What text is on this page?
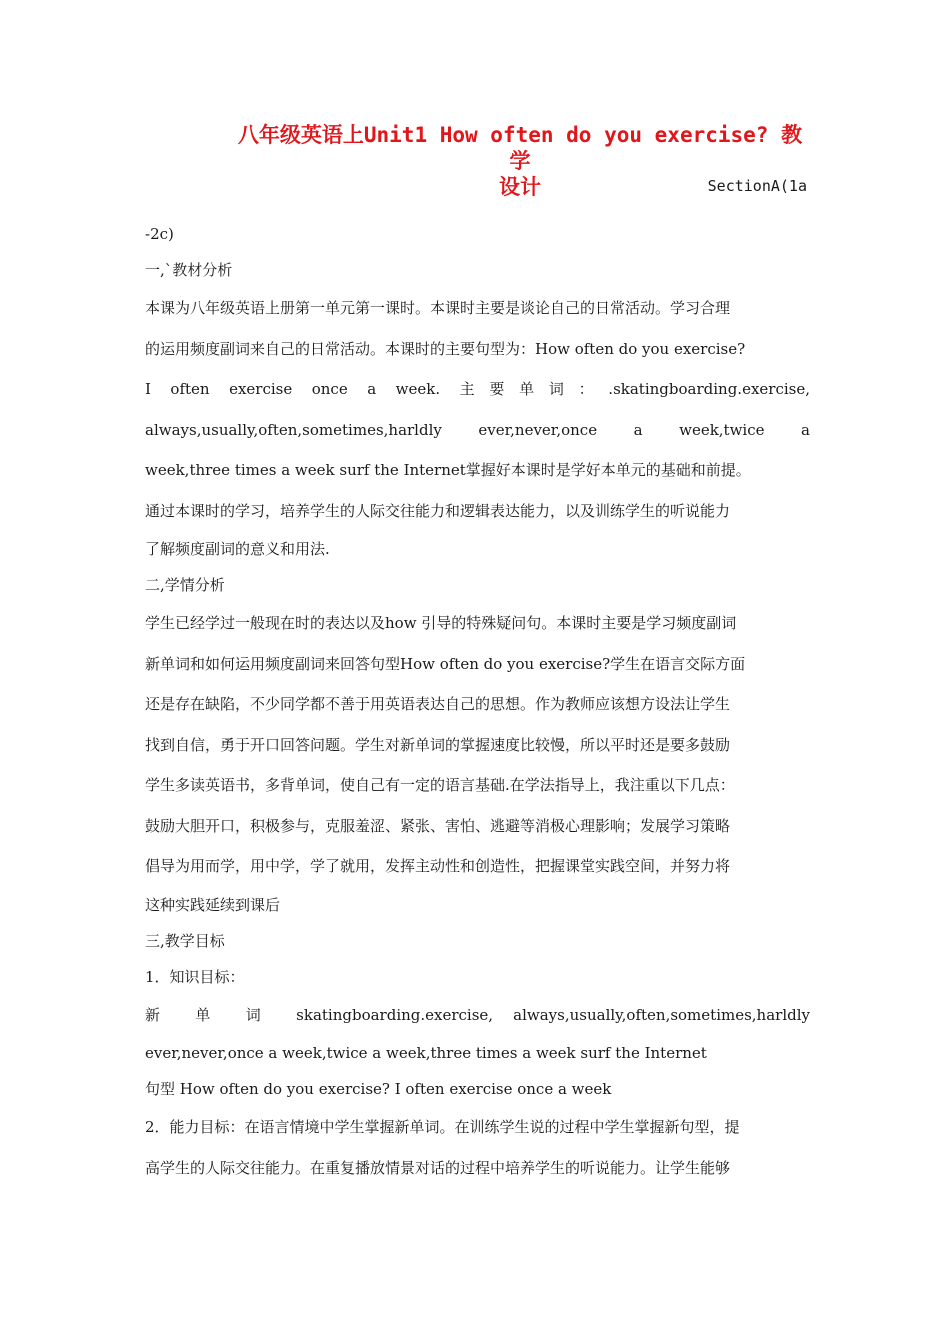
八年级英语上Unit1 How often do you exercise? 教学
设计	SectionA(1a
-2c)
一,`教材分析
本课为八年级英语上册第一单元第一课时。本课时主要是谈论自己的日常活动。学习合理
的运用频度副词来自己的日常活动。本课时的主要句型为：How often do you exercise?
I often exercise once a week. 主要单词：.skatingboarding.exercise,
always,usually,often,sometimes,harldly ever,never,once a week,twice a
week,three times a week surf the Internet掌握好本课时是学好本单元的基础和前提。
通过本课时的学习，培养学生的人际交往能力和逻辑表达能力，以及训练学生的听说能力
了解频度副词的意义和用法.
二,学情分析
学生已经学过一般现在时的表达以及how 引导的特殊疑问句。本课时主要是学习频度副词
新单词和如何运用频度副词来回答句型How often do you exercise?学生在语言交际方面
还是存在缺陷，不少同学都不善于用英语表达自己的思想。作为教师应该想方设法让学生
找到自信，勇于开口回答问题。学生对新单词的掌握速度比较慢，所以平时还是要多鼓励
学生多读英语书，多背单词，使自己有一定的语言基础.在学法指导上，我注重以下几点：
鼓励大胆开口，积极参与，克服羞涩、紧张、害怕、逃避等消极心理影响；发展学习策略
倡导为用而学，用中学，学了就用，发挥主动性和创造性，把握课堂实践空间，并努力将
这种实践延续到课后
三,教学目标
1．知识目标：
新 单 词 skatingboarding.exercise, always,usually,often,sometimes,harldly
ever,never,once a week,twice a week,three times a week surf the Internet
句型 How often do you exercise? I often exercise once a week
2．能力目标：在语言情境中学生掌握新单词。在训练学生说的过程中学生掌握新句型，提
高学生的人际交往能力。在重复播放情景对话的过程中培养学生的听说能力。让学生能够
